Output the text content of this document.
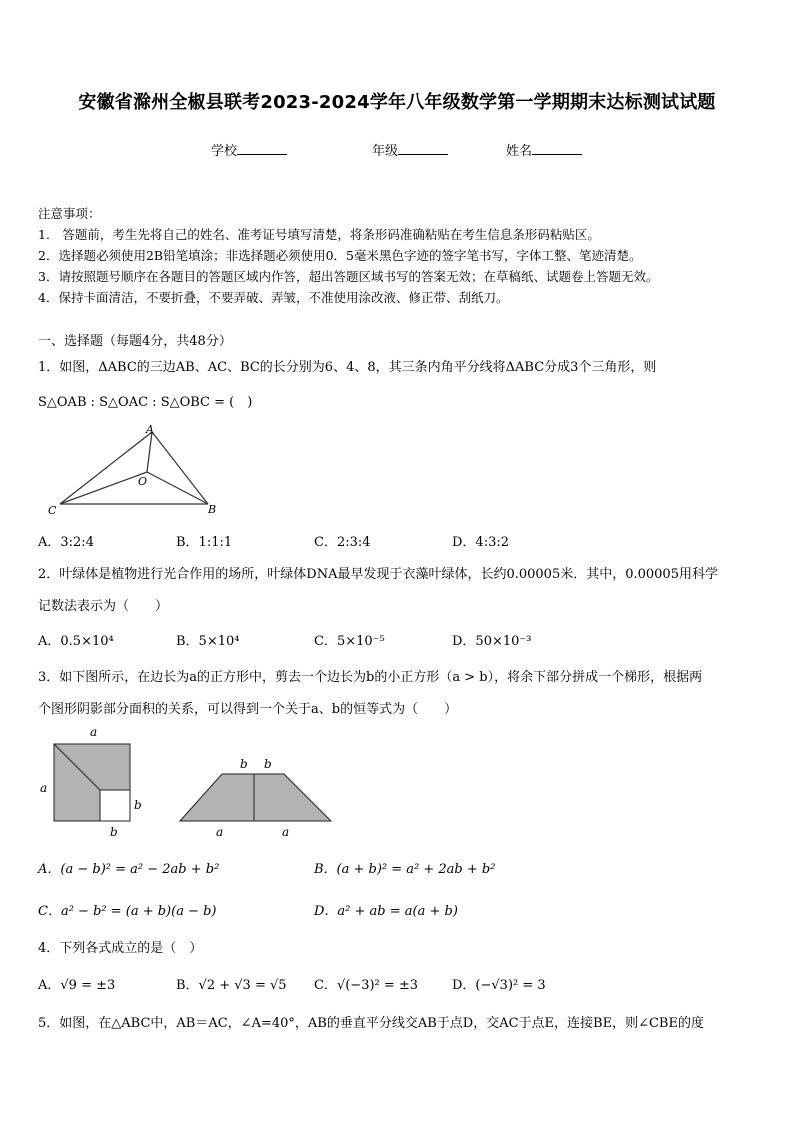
安徽省滁州全椒县联考2023-2024学年八年级数学第一学期期末达标测试试题
学校	年级	姓名
注意事项：
1.　答题前，考生先将自己的姓名、准考证号填写清楚，将条形码准确粘贴在考生信息条形码粘贴区。
2．选择题必须使用2B铅笔填涂；非选择题必须使用0．5毫米黑色字迹的签字笔书写，字体工整、笔迹清楚。
3．请按照题号顺序在各题目的答题区域内作答，超出答题区域书写的答案无效；在草稿纸、试题卷上答题无效。
4．保持卡面清洁，不要折叠，不要弄破、弄皱，不准使用涂改液、修正带、刮纸刀。
一、选择题（每题4分，共48分）
1．如图，ΔABC的三边AB、AC、BC的长分别为6、4、8，其三条内角平分线将ΔABC分成3个三角形，则
S△OAB : S△OAC : S△OBC = (　)
A
O
C	B
A．3:2:4	B．1:1:1	C．2:3:4	D．4:3:2
2．叶绿体是植物进行光合作用的场所，叶绿体DNA最早发现于衣藻叶绿体，长约0.00005米．其中，0.00005用科学
记数法表示为（　　）
A．0.5×10⁴	B．5×10⁴	C．5×10⁻⁵	D．50×10⁻³
3．如下图所示，在边长为a的正方形中，剪去一个边长为b的小正方形（a > b），将余下部分拼成一个梯形，根据两
个图形阴影部分面积的关系，可以得到一个关于a、b的恒等式为（　　）
a
a
b
b
b b
a	a
A．(a − b)² = a² − 2ab + b²	B．(a + b)² = a² + 2ab + b²
C．a² − b² = (a + b)(a − b)	D．a² + ab = a(a + b)
4．下列各式成立的是（　）
A．√9 = ±3	B．√2 + √3 = √5 C．√(−3)² = ±3	D．(−√3)² = 3
5．如图，在△ABC中，AB＝AC，∠A=40°，AB的垂直平分线交AB于点D，交AC于点E，连接BE，则∠CBE的度
